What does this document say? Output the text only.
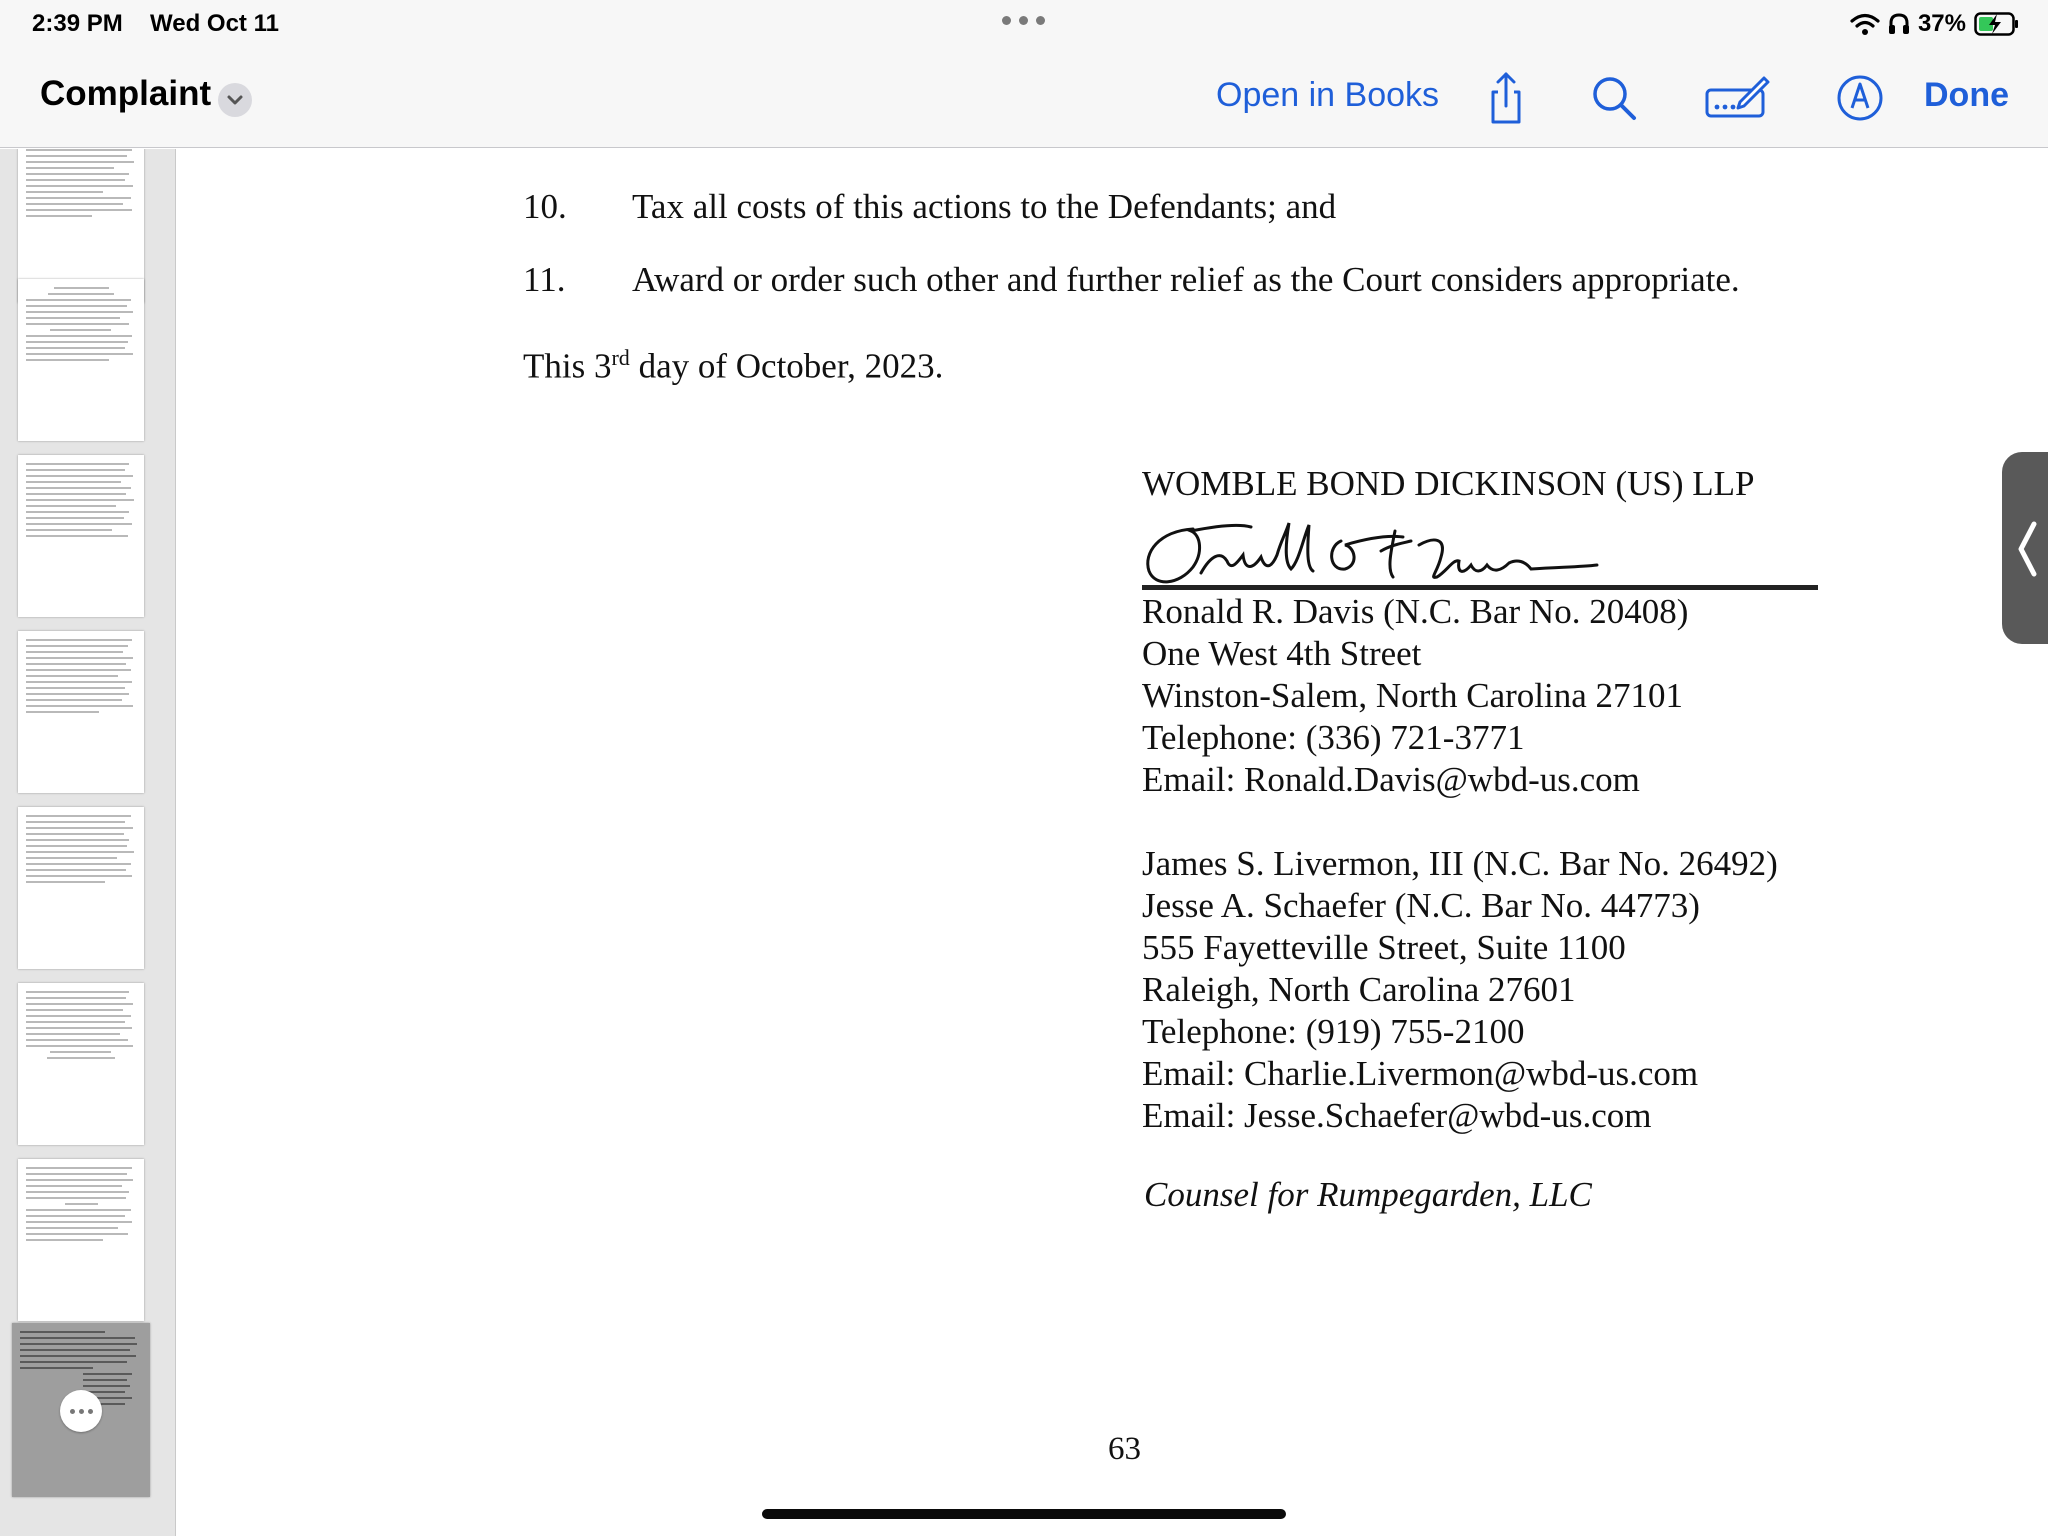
2:39 PM Wed Oct 11	37%
Complaint	Open in Books	Done
10. Tax all costs of this actions to the Defendants; and
11. Award or order such other and further relief as the Court considers appropriate.
This 3rd day of October, 2023.
WOMBLE BOND DICKINSON (US) LLP
Ronald R. Davis (N.C. Bar No. 20408)
One West 4th Street
Winston-Salem, North Carolina 27101
Telephone: (336) 721-3771
Email: Ronald.Davis@wbd-us.com
James S. Livermon, III (N.C. Bar No. 26492)
Jesse A. Schaefer (N.C. Bar No. 44773)
555 Fayetteville Street, Suite 1100
Raleigh, North Carolina 27601
Telephone: (919) 755-2100
Email: Charlie.Livermon@wbd-us.com
Email: Jesse.Schaefer@wbd-us.com
Counsel for Rumpegarden, LLC
63
